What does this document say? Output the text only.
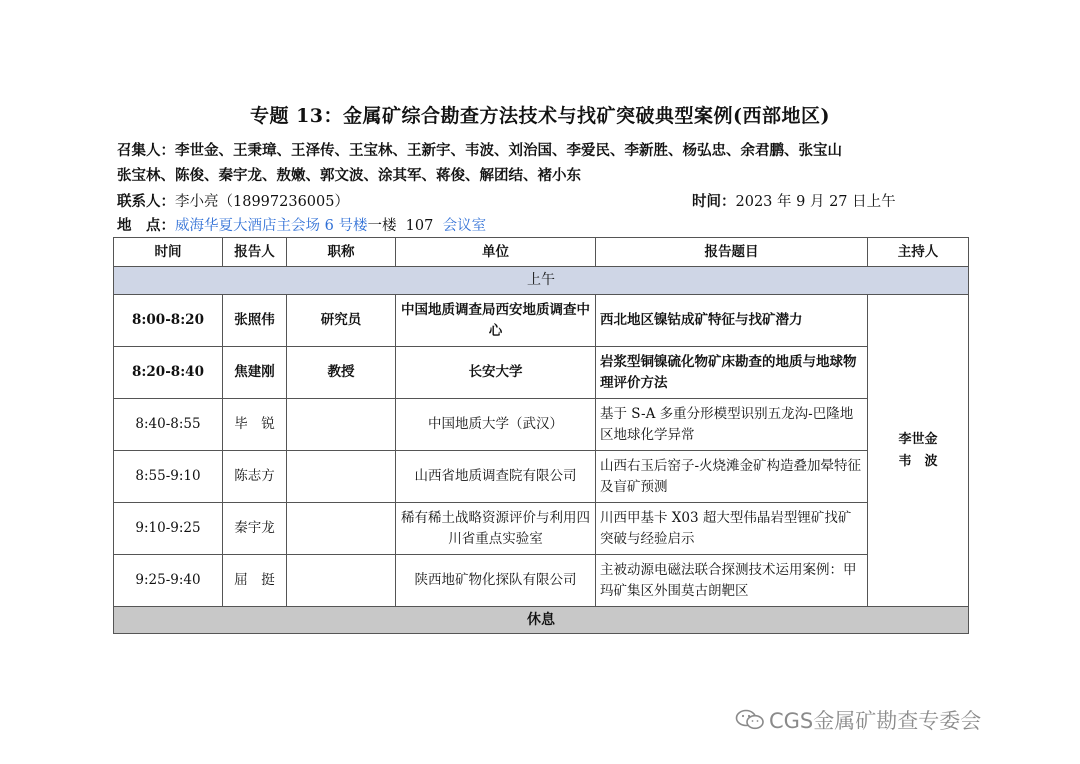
专题 13：金属矿综合勘查方法技术与找矿突破典型案例(西部地区)
召集人：李世金、王秉璋、王泽传、王宝林、王新宇、韦波、刘治国、李爱民、李新胜、杨弘忠、余君鹏、张宝山
张宝林、陈俊、秦宇龙、敖嫩、郭文波、涂其军、蒋俊、解团结、褚小东
联系人：李小亮（18997236005）	时间：2023 年 9 月 27 日上午
地　点：威海华夏大酒店主会场 6 号楼一楼  107  会议室
时间	报告人	职称	单位	报告题目	主持人
上午					
8:00-8:20	张照伟	研究员	中国地质调查局西安地质调查中心	西北地区镍钴成矿特征与找矿潜力	李世金
韦　波

8:20-8:40	焦建刚	教授	长安大学	岩浆型铜镍硫化物矿床勘查的地质与地球物理评价方法	
8:40-8:55	毕　锐		中国地质大学（武汉）	基于 S-A 多重分形模型识别五龙沟-巴隆地区地球化学异常	
8:55-9:10	陈志方		山西省地质调查院有限公司	山西右玉后窑子-火烧滩金矿构造叠加晕特征及盲矿预测	
9:10-9:25	秦宇龙		稀有稀土战略资源评价与利用四川省重点实验室	川西甲基卡 X03 超大型伟晶岩型锂矿找矿突破与经验启示	
9:25-9:40	屈　挺		陕西地矿物化探队有限公司	主被动源电磁法联合探测技术运用案例：甲玛矿集区外围莫古朗靶区	
休息					
CGS金属矿勘查专委会
